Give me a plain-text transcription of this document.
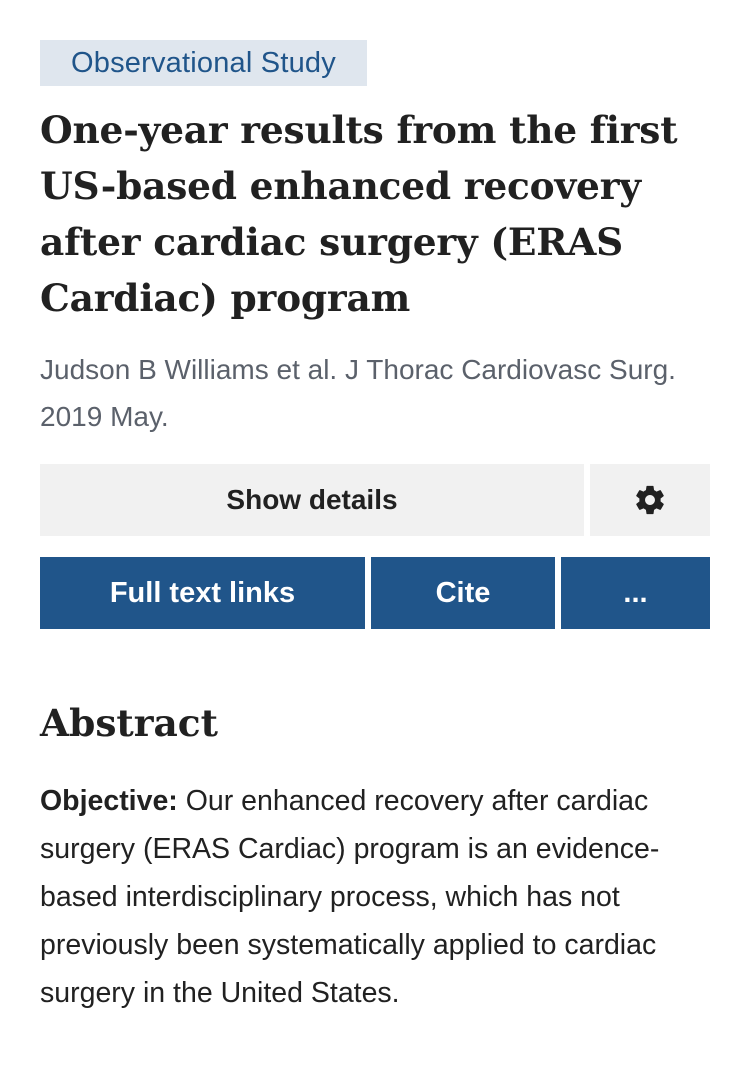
Observational Study
One-year results from the first US-based enhanced recovery after cardiac surgery (ERAS Cardiac) program

Judson B Williams et al. J Thorac Cardiovasc Surg. 2019 May.

Show details
Full text links	Cite	...
Abstract

Objective: Our enhanced recovery after cardiac surgery (ERAS Cardiac) program is an evidence-based interdisciplinary process, which has not previously been systematically applied to cardiac surgery in the United States.
